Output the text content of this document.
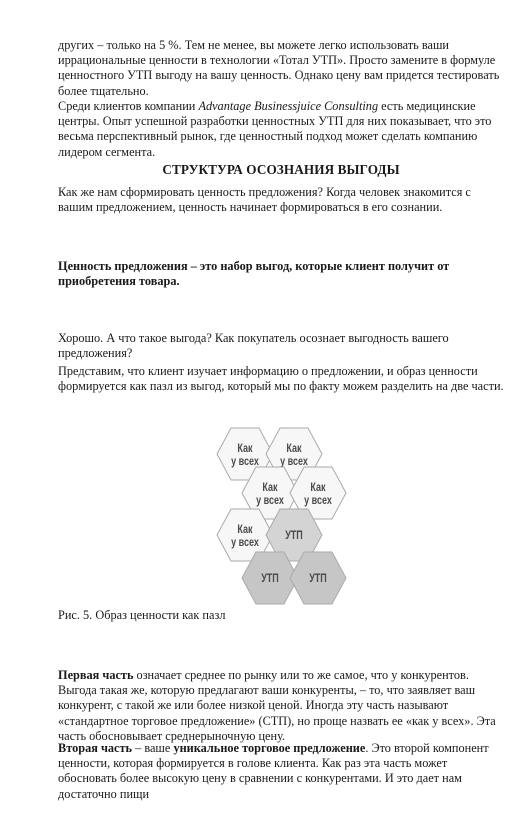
других – только на 5 %. Тем не менее, вы можете легко использовать ваши иррациональные ценности в технологии «Тотал УТП». Просто замените в формуле ценностного УТП выгоду на вашу ценность. Однако цену вам придется тестировать более тщательно.

Среди клиентов компании Advantage Businessjuice Consulting есть медицинские центры. Опыт успешной разработки ценностных УТП для них показывает, что это весьма перспективный рынок, где ценностный подход может сделать компанию лидером сегмента.

СТРУКТУРА ОСОЗНАНИЯ ВЫГОДЫ

Как же нам сформировать ценность предложения? Когда человек знакомится с вашим предложением, ценность начинает формироваться в его сознании.

Ценность предложения – это набор выгод, которые клиент получит от приобретения товара.

Хорошо. А что такое выгода? Как покупатель осознает выгодность вашего предложения?

Представим, что клиент изучает информацию о предложении, и образ ценности формируется как пазл из выгод, который мы по факту можем разделить на две части.

Как
у всех
Как
у всех
Как
у всех
Как
у всех
Как
у всех
УТП
УТП	УТП
Рис. 5. Образ ценности как пазл

Первая часть означает среднее по рынку или то же самое, что у конкурентов. Выгода такая же, которую предлагают ваши конкуренты, – то, что заявляет ваш конкурент, с такой же или более низкой ценой. Иногда эту часть называют «стандартное торговое предложение» (СТП), но проще назвать ее «как у всех». Эта часть обосновывает среднерыночную цену.

Вторая часть – ваше уникальное торговое предложение. Это второй компонент ценности, которая формируется в голове клиента. Как раз эта часть может обосновать более высокую цену в сравнении с конкурентами. И это дает нам достаточно пищи
